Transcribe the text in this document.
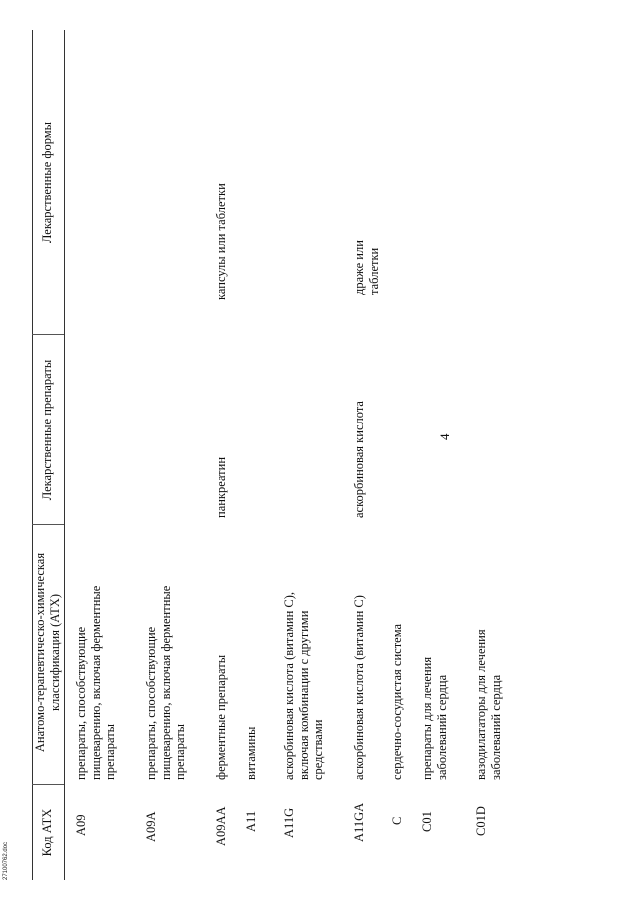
4
Код АТХ
Анатомо-терапевтическо-химическая классификация (АТХ)
Лекарственные препараты
Лекарственные формы
A09
препараты, способствующие пищеварению, включая ферментные препараты
A09A
препараты, способствующие пищеварению, включая ферментные препараты
A09AA
ферментные препараты
панкреатин
капсулы или таблетки
A11
витамины
A11G
аскорбиновая кислота (витамин С), включая комбинации с другими средствами
A11GA
аскорбиновая кислота (витамин С)
аскорбиновая кислота
драже или таблетки
C
сердечно-сосудистая система
C01
препараты для лечения заболеваний сердца
C01D
вазодилататоры для лечения заболеваний сердца
27100762.doc
